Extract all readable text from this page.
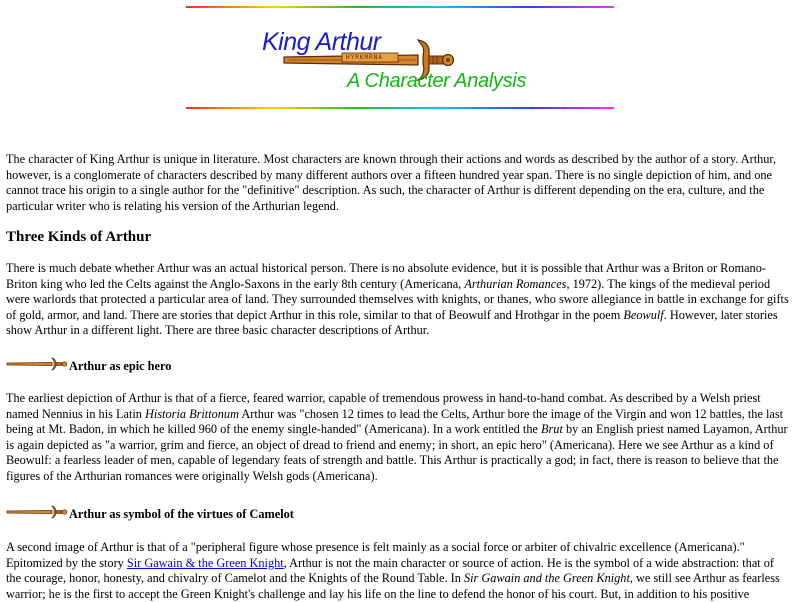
HYRKMRNA
King Arthur
A Character Analysis

The character of King Arthur is unique in literature. Most characters are known through their actions and words as described by the author of a story. Arthur, however, is a conglomerate of characters described by many different authors over a fifteen hundred year span. There is no single depiction of him, and one cannot trace his origin to a single author for the "definitive" description. As such, the character of Arthur is different depending on the era, culture, and the particular writer who is relating his version of the Arthurian legend.

Three Kinds of Arthur

There is much debate whether Arthur was an actual historical person. There is no absolute evidence, but it is possible that Arthur was a Briton or Romano-Briton king who led the Celts against the Anglo-Saxons in the early 8th century (Americana, Arthurian Romances, 1972). The kings of the medieval period were warlords that protected a particular area of land. They surrounded themselves with knights, or thanes, who swore allegiance in battle in exchange for gifts of gold, armor, and land. There are stories that depict Arthur in this role, similar to that of Beowulf and Hrothgar in the poem Beowulf. However, later stories show Arthur in a different light. There are three basic character descriptions of Arthur.

Arthur as epic hero

The earliest depiction of Arthur is that of a fierce, feared warrior, capable of tremendous prowess in hand-to-hand combat. As described by a Welsh priest named Nennius in his Latin Historia Brittonum Arthur was "chosen 12 times to lead the Celts, Arthur bore the image of the Virgin and won 12 battles, the last being at Mt. Badon, in which he killed 960 of the enemy single-handed" (Americana). In a work entitled the Brut by an English priest named Layamon, Arthur is again depicted as "a warrior, grim and fierce, an object of dread to friend and enemy; in short, an epic hero" (Americana). Here we see Arthur as a kind of Beowulf: a fearless leader of men, capable of legendary feats of strength and battle. This Arthur is practically a god; in fact, there is reason to believe that the figures of the Arthurian romances were originally Welsh gods (Americana).

Arthur as symbol of the virtues of Camelot

A second image of Arthur is that of a "peripheral figure whose presence is felt mainly as a social force or arbiter of chivalric excellence (Americana)." Epitomized by the story Sir Gawain & the Green Knight, Arthur is not the main character or source of action. He is the symbol of a wide abstraction: that of the courage, honor, honesty, and chivalry of Camelot and the Knights of the Round Table. In Sir Gawain and the Green Knight, we still see Arthur as fearless warrior; he is the first to accept the Green Knight's challenge and lay his life on the line to defend the honor of his court. But, in addition to his positive
